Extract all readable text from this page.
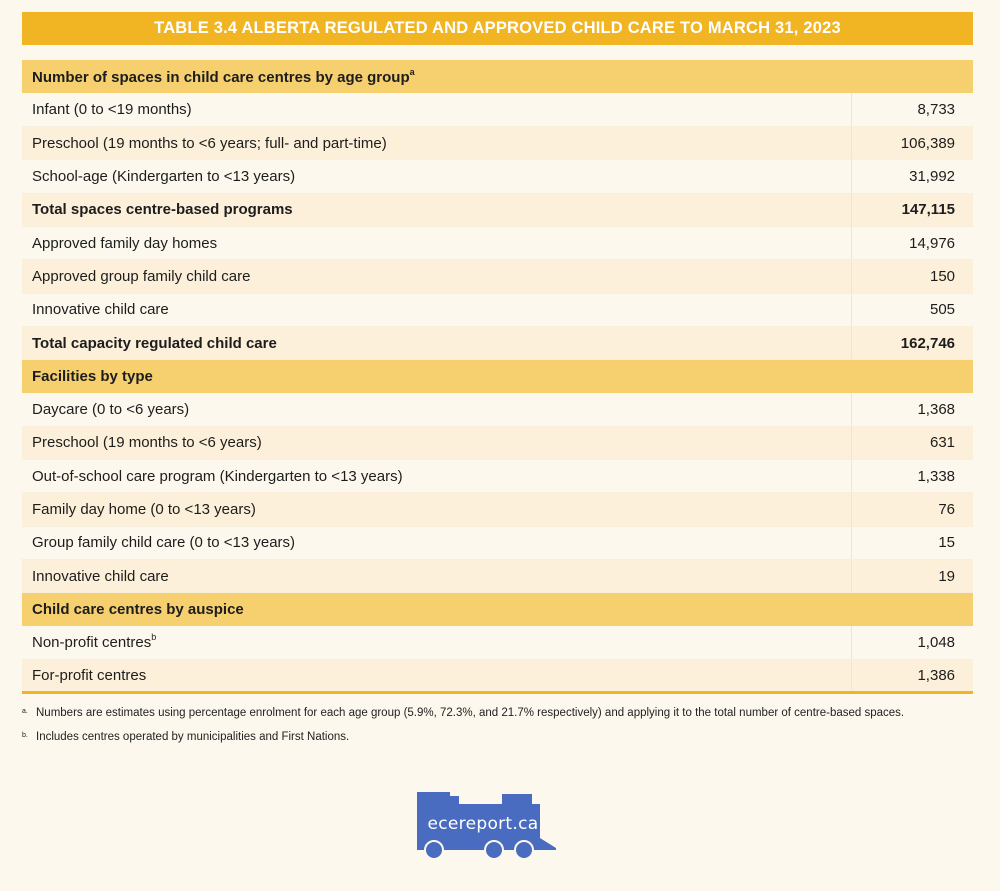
TABLE 3.4 ALBERTA REGULATED AND APPROVED CHILD CARE TO MARCH 31, 2023
Number of spaces in child care centres by age group$^a$
Infant (0 to <19 months)	8,733
Preschool (19 months to <6 years; full- and part-time)	106,389
School-age (Kindergarten to <13 years)	31,992
Total spaces centre-based programs	147,115
Approved family day homes	14,976
Approved group family child care	150
Innovative child care	505
Total capacity regulated child care	162,746
Facilities by type	
Daycare (0 to <6 years)	1,368
Preschool (19 months to <6 years)	631
Out-of-school care program (Kindergarten to <13 years)	1,338
Family day home (0 to <13 years)	76
Group family child care (0 to <13 years)	15
Innovative child care	19
Child care centres by auspice	
Non-profit centres$^b$	1,048
For-profit centres	1,386
a. Numbers are estimates using percentage enrolment for each age group (5.9%, 72.3%, and 21.7% respectively) and applying it to the total number of centre-based spaces.
b. Includes centres operated by municipalities and First Nations.
ecereport.ca
